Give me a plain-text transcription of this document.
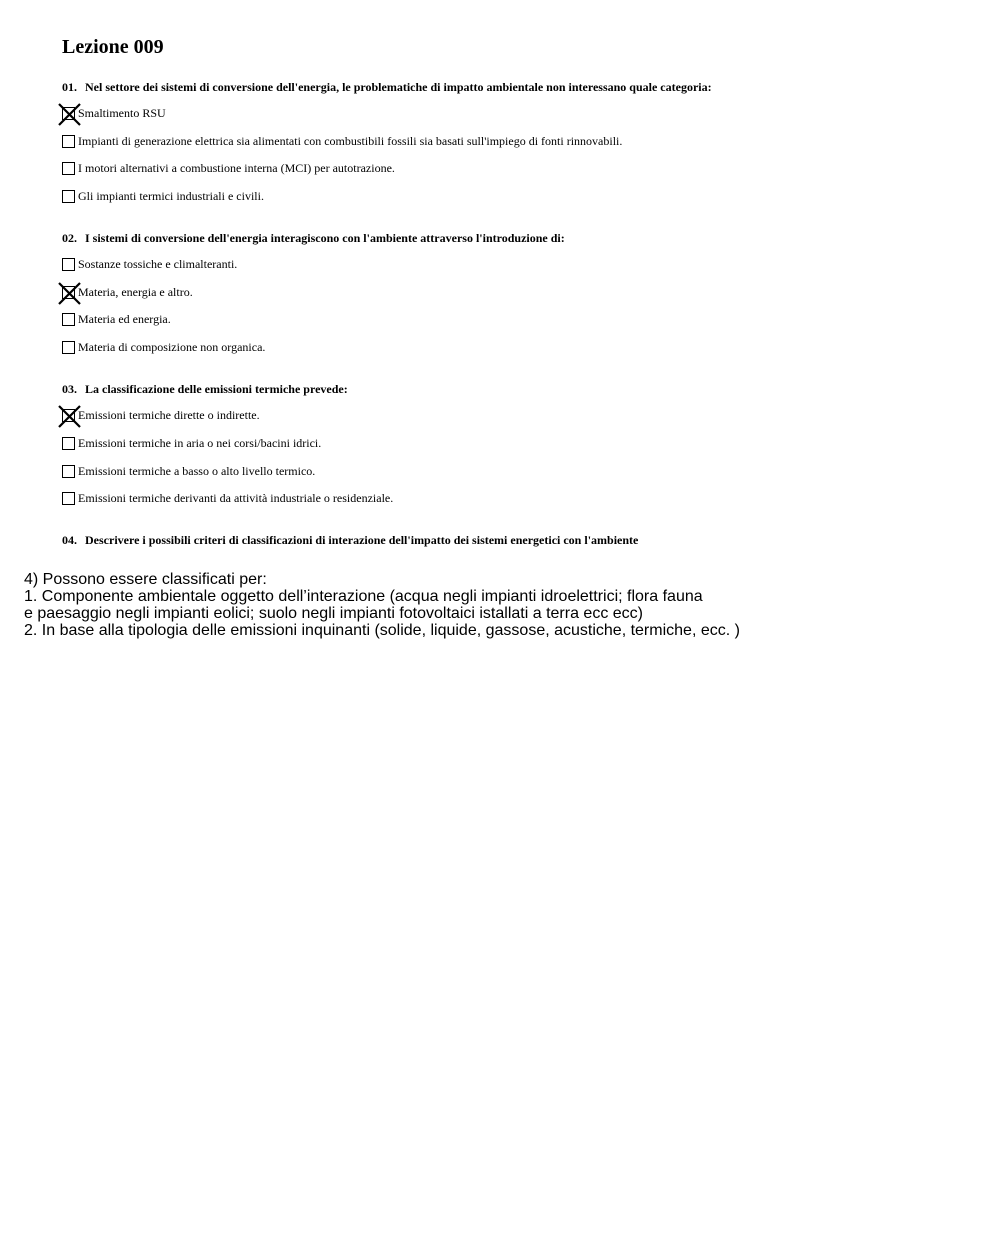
Lezione 009
01. Nel settore dei sistemi di conversione dell'energia, le problematiche di impatto ambientale non interessano quale categoria:
Smaltimento RSU
Impianti di generazione elettrica sia alimentati con combustibili fossili sia basati sull'impiego di fonti rinnovabili.
I motori alternativi a combustione interna (MCI) per autotrazione.
Gli impianti termici industriali e civili.
02. I sistemi di conversione dell'energia interagiscono con l'ambiente attraverso l'introduzione di:
Sostanze tossiche e climalteranti.
Materia, energia e altro.
Materia ed energia.
Materia di composizione non organica.
03. La classificazione delle emissioni termiche prevede:
Emissioni termiche dirette o indirette.
Emissioni termiche in aria o nei corsi/bacini idrici.
Emissioni termiche a basso o alto livello termico.
Emissioni termiche derivanti da attività industriale o residenziale.
04. Descrivere i possibili criteri di classificazioni di interazione dell'impatto dei sistemi energetici con l'ambiente
4) Possono essere classificati per:
1. Componente ambientale oggetto dell’interazione (acqua negli impianti idroelettrici; flora fauna
e paesaggio negli impianti eolici; suolo negli impianti fotovoltaici istallati a terra ecc ecc)
2. In base alla tipologia delle emissioni inquinanti (solide, liquide, gassose, acustiche, termiche, ecc. )
